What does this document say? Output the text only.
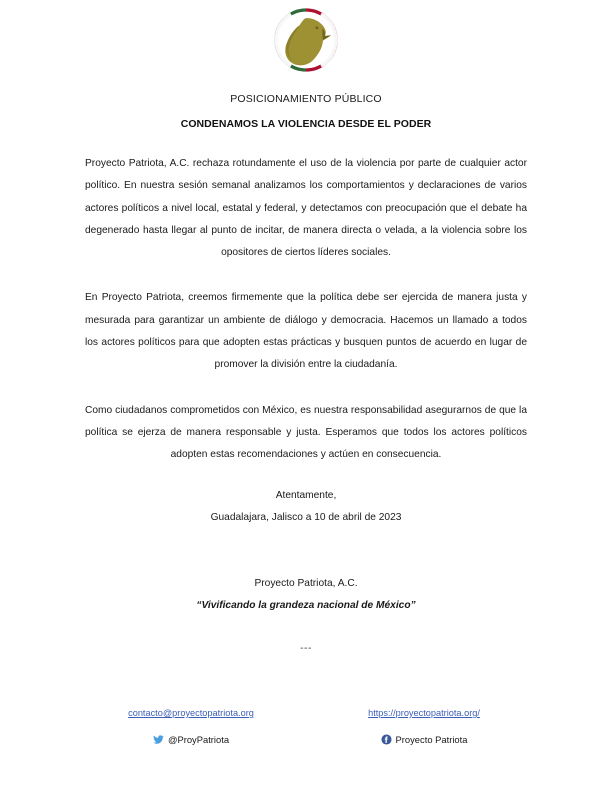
POSICIONAMIENTO PÚBLICO

CONDENAMOS LA VIOLENCIA DESDE EL PODER

Proyecto Patriota, A.C. rechaza rotundamente el uso de la violencia por parte de cualquier actor político. En nuestra sesión semanal analizamos los comportamientos y declaraciones de varios actores políticos a nivel local, estatal y federal, y detectamos con preocupación que el debate ha degenerado hasta llegar al punto de incitar, de manera directa o velada, a la violencia sobre los opositores de ciertos líderes sociales.

En Proyecto Patriota, creemos firmemente que la política debe ser ejercida de manera justa y mesurada para garantizar un ambiente de diálogo y democracia. Hacemos un llamado a todos los actores políticos para que adopten estas prácticas y busquen puntos de acuerdo en lugar de promover la división entre la ciudadanía.

Como ciudadanos comprometidos con México, es nuestra responsabilidad asegurarnos de que la política se ejerza de manera responsable y justa. Esperamos que todos los actores políticos adopten estas recomendaciones y actúen en consecuencia.

Atentamente,

Guadalajara, Jalisco a 10 de abril de 2023

Proyecto Patriota, A.C.

“Vivificando la grandeza nacional de México”

---
contacto@proyectopatriota.org
@ProyPatriota
https://proyectopatriota.org/
Proyecto Patriota
